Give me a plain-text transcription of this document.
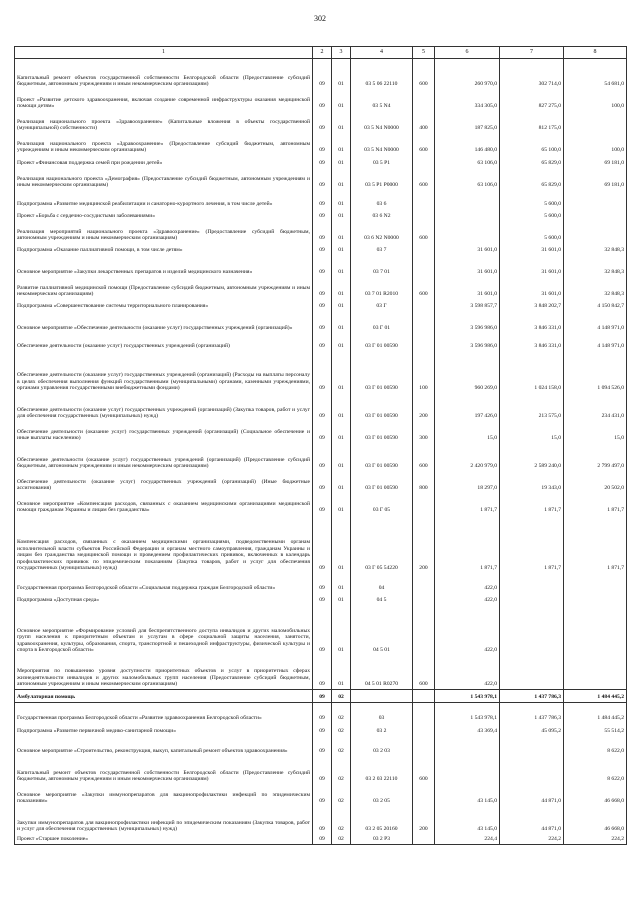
302
1	2	3	4	5	6	7	8
Капитальный ремонт объектов государственной собственности Белгородской области (Предоставление субсидий бюджетным, автономным учреждениям и иным некоммерческим организациям)	09	01	03 5 06 22110	600	260 970,0	302 714,0	54 681,0
Проект «Развитие детского здравоохранения, включая создание современной инфраструктуры оказания медицинской помощи детям»	09	01	03 5 N4		334 305,0	827 275,0	100,0
Реализация национального проекта «Здравоохранение» (Капитальные вложения в объекты государственной (муниципальной) собственности)	09	01	03 5 N4 N0000	400	187 825,0	812 175,0	
Реализация национального проекта «Здравоохранение» (Предоставление субсидий бюджетным, автономным учреждениям и иным некоммерческим организациям)	09	01	03 5 N4 N0000	600	146 480,0	65 100,0	100,0
Проект «Финансовая поддержка семей при рождении детей»	09	01	03 5 P1		63 106,0	65 829,0	69 181,0
Реализация национального проекта «Демография» (Предоставление субсидий бюджетным, автономным учреждениям и иным некоммерческим организациям)	09	01	03 5 P1 P0000	600	63 106,0	65 829,0	69 181,0
Подпрограмма «Развитие медицинской реабилитации и санаторно-курортного лечения, в том числе детей»	09	01	03 6			5 600,0	
Проект «Борьба с сердечно-сосудистыми заболеваниями»	09	01	03 6 N2			5 600,0	
Реализация мероприятий национального проекта «Здравоохранение» (Предоставление субсидий бюджетным, автономным учреждениям и иным некоммерческим организациям)	09	01	03 6 N2 N0000	600		5 600,0	
Подпрограмма «Оказание паллиативной помощи, в том числе детям»	09	01	03 7		31 601,0	31 601,0	32 848,3
Основное мероприятие «Закупки лекарственных препаратов и изделий медицинского назначения»	09	01	03 7 01		31 601,0	31 601,0	32 848,3
Развитие паллиативной медицинской помощи (Предоставление субсидий бюджетным, автономным учреждениям и иным некоммерческим организациям)	09	01	03 7 01 R2010	600	31 601,0	31 601,0	32 848,3
Подпрограмма «Совершенствование системы территориального планирования»	09	01	03 Г		3 598 857,7	3 848 202,7	4 150 842,7
Основное мероприятие «Обеспечение деятельности (оказание услуг) государственных учреждений (организаций)»	09	01	03 Г 01		3 596 986,0	3 846 331,0	4 148 971,0
Обеспечение деятельности (оказание услуг) государственных учреждений (организаций)	09	01	03 Г 01 00590		3 596 986,0	3 846 331,0	4 148 971,0
Обеспечение деятельности (оказание услуг) государственных учреждений (организаций) (Расходы на выплаты персоналу в целях обеспечения выполнения функций государственными (муниципальными) органами, казенными учреждениями, органами управления государственными внебюджетными фондами)	09	01	03 Г 01 00590	100	960 269,0	1 024 158,0	1 094 526,0
Обеспечение деятельности (оказание услуг) государственных учреждений (организаций) (Закупка товаров, работ и услуг для обеспечения государственных (муниципальных) нужд)	09	01	03 Г 01 00590	200	197 426,0	213 575,0	234 431,0
Обеспечение деятельности (оказание услуг) государственных учреждений (организаций) (Социальное обеспечение и иные выплаты населению)	09	01	03 Г 01 00590	300	15,0	15,0	15,0
Обеспечение деятельности (оказание услуг) государственных учреждений (организаций) (Предоставление субсидий бюджетным, автономным учреждениям и иным некоммерческим организациям)	09	01	03 Г 01 00590	600	2 420 979,0	2 589 240,0	2 799 497,0
Обеспечение деятельности (оказание услуг) государственных учреждений (организаций) (Иные бюджетные ассигнования)	09	01	03 Г 01 00590	800	18 297,0	19 343,0	20 502,0
Основное мероприятие «Компенсация расходов, связанных с оказанием медицинскими организациями медицинской помощи гражданам Украины и лицам без гражданства»	09	01	03 Г 05		1 871,7	1 871,7	1 871,7
Компенсация расходов, связанных с оказанием медицинскими организациями, подведомственными органам исполнительной власти субъектов Российской Федерации и органам местного самоуправления, гражданам Украины и лицам без гражданства медицинской помощи и проведением профилактических прививок, включенных в календарь профилактических прививок по эпидемическим показаниям (Закупка товаров, работ и услуг для обеспечения государственных (муниципальных) нужд)	09	01	03 Г 05 54220	200	1 871,7	1 871,7	1 871,7
Государственная программа Белгородской области «Социальная поддержка граждан Белгородской области»	09	01	04		422,0		
Подпрограмма «Доступная среда»	09	01	04 5		422,0		
Основное мероприятие «Формирование условий для беспрепятственного доступа инвалидов и других маломобильных групп населения к приоритетным объектам и услугам в сфере социальной защиты населения, занятости, здравоохранения, культуры, образования, спорта, транспортной и пешеходной инфраструктуры, физической культуры и спорта в Белгородской области»	09	01	04 5 01		422,0		
Мероприятия по повышению уровня доступности приоритетных объектов и услуг в приоритетных сферах жизнедеятельности инвалидов и других маломобильных групп населения (Предоставление субсидий бюджетным, автономным учреждениям и иным некоммерческим организациям)	09	01	04 5 01 R0270	600	422,0		
Амбулаторная помощь	09	02			1 543 978,1	1 437 786,3	1 484 445,2
Государственная программа Белгородской области «Развитие здравоохранения Белгородской области»	09	02	03		1 543 978,1	1 437 786,3	1 484 445,2
Подпрограмма «Развитие первичной медико-санитарной помощи»	09	02	03 2		43 369,4	45 095,2	55 514,2
Основное мероприятие «Строительство, реконструкция, выкуп, капитальный ремонт объектов здравоохранения»	09	02	03 2 03				8 622,0
Капитальный ремонт объектов государственной собственности Белгородской области (Предоставление субсидий бюджетным, автономным учреждениям и иным некоммерческим организациям)	09	02	03 2 03 22110	600			8 622,0
Основное мероприятие «Закупки иммунопрепаратов для вакцинопрофилактики инфекций по эпидемическим показаниям»	09	02	03 2 05		43 145,0	44 871,0	46 668,0
Закупки иммунопрепаратов для вакцинопрофилактики инфекций по эпидемическим показаниям (Закупка товаров, работ и услуг для обеспечения государственных (муниципальных) нужд)	09	02	03 2 05 20160	200	43 145,0	44 871,0	46 668,0
Проект «Старшее поколение»	09	02	03 2 P3		224,4	224,2	224,2
